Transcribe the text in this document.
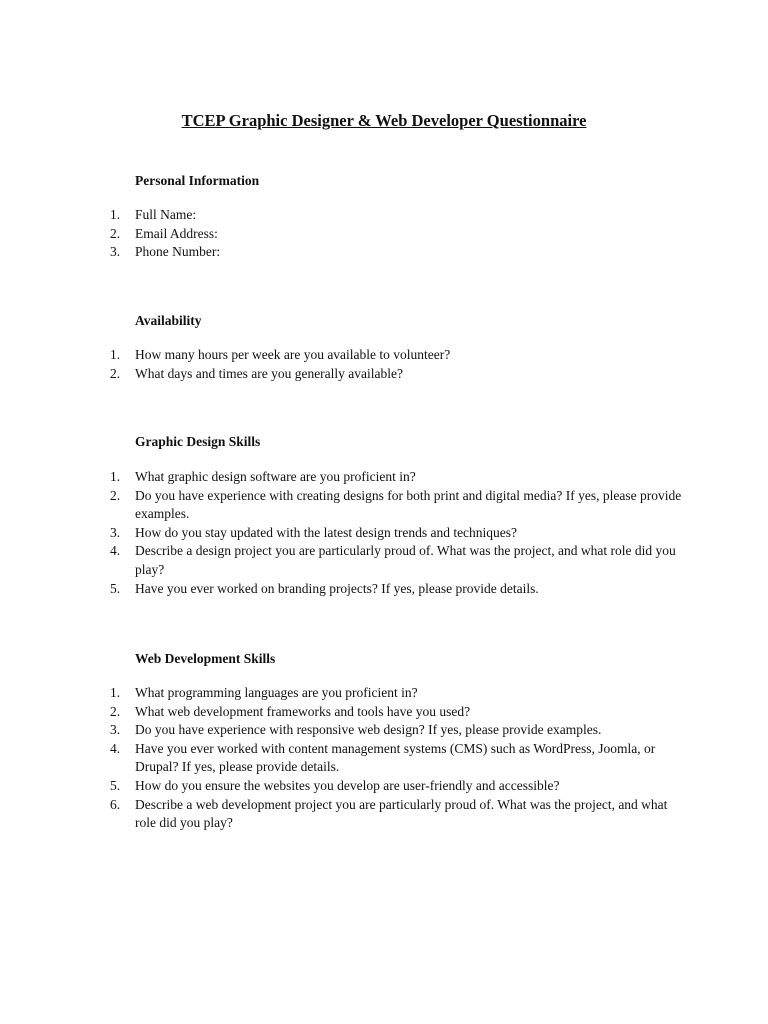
TCEP Graphic Designer & Web Developer Questionnaire
Personal Information
1.	Full Name:
2.	Email Address:
3.	Phone Number:
Availability
1.	How many hours per week are you available to volunteer?
2.	What days and times are you generally available?
Graphic Design Skills
1.	What graphic design software are you proficient in?
2.	Do you have experience with creating designs for both print and digital media? If yes, please provide examples.
3.	How do you stay updated with the latest design trends and techniques?
4.	Describe a design project you are particularly proud of. What was the project, and what role did you play?
5.	Have you ever worked on branding projects? If yes, please provide details.
Web Development Skills
1.	What programming languages are you proficient in?
2.	What web development frameworks and tools have you used?
3.	Do you have experience with responsive web design? If yes, please provide examples.
4.	Have you ever worked with content management systems (CMS) such as WordPress, Joomla, or Drupal? If yes, please provide details.
5.	How do you ensure the websites you develop are user-friendly and accessible?
6.	Describe a web development project you are particularly proud of. What was the project, and what role did you play?
